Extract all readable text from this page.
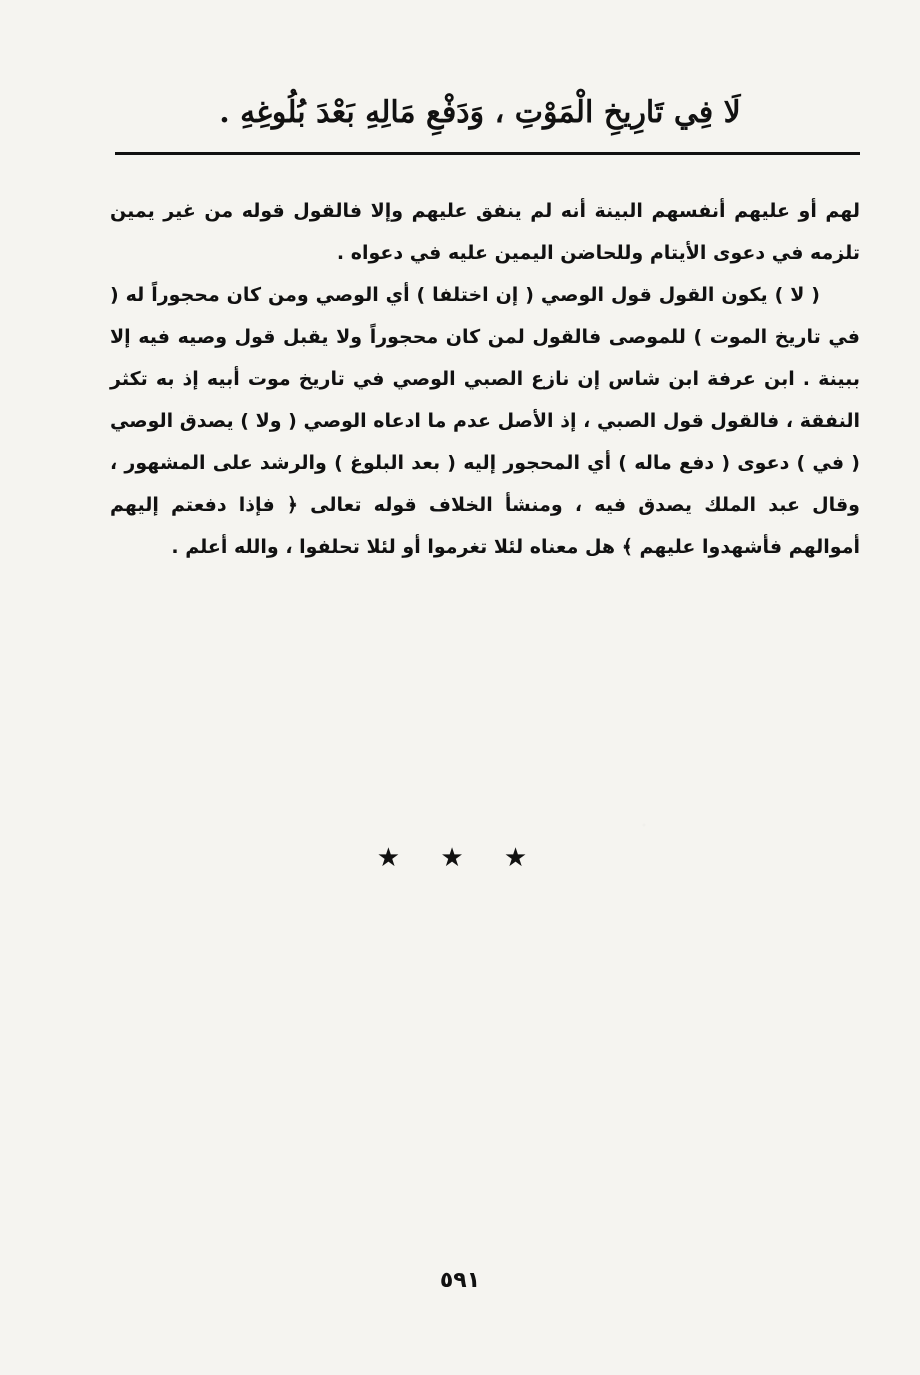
لَا فِي تَارِيخِ الْمَوْتِ ، وَدَفْعِ مَالِهِ بَعْدَ بُلُوغِهِ .

لهم أو عليهم أنفسهم البينة أنه لم ينفق عليهم وإلا فالقول قوله من غير يمين تلزمه في دعوى الأيتام وللحاضن اليمين عليه في دعواه .

( لا ) يكون القول قول الوصي ( إن اختلفا ) أي الوصي ومن كان محجوراً له ( في تاريخ الموت ) للموصى فالقول لمن كان محجوراً ولا يقبل قول وصيه فيه إلا ببينة . ابن عرفة ابن شاس إن نازع الصبي الوصي في تاريخ موت أبيه إذ به تكثر النفقة ، فالقول قول الصبي ، إذ الأصل عدم ما ادعاه الوصي ( ولا ) يصدق الوصي ( في ) دعوى ( دفع ماله ) أي المحجور إليه ( بعد البلوغ ) والرشد على المشهور ، وقال عبد الملك يصدق فيه ، ومنشأ الخلاف قوله تعالى ﴿ فإذا دفعتم إليهم أموالهم فأشهدوا عليهم ﴾ هل معناه لئلا تغرموا أو لئلا تحلفوا ، والله أعلم .

★ ★ ★
٥٩١
